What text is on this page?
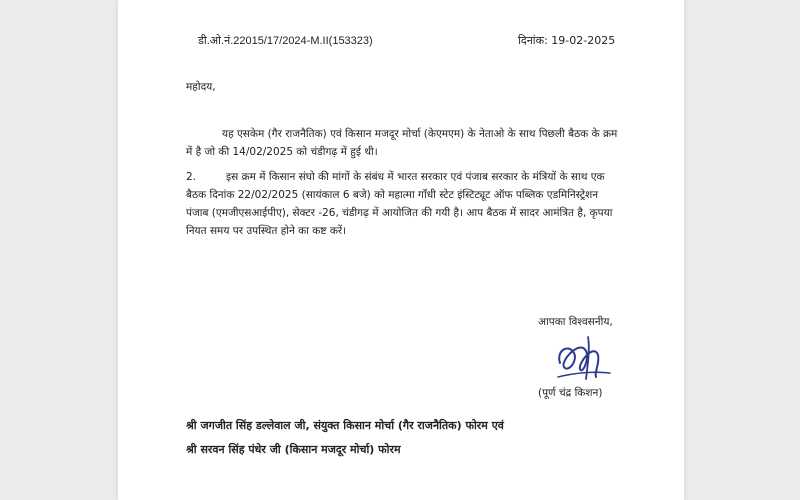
डी.ओ.नं.22015/17/2024-M.II(153323)	दिनांक: 19-02-2025
महोदय,
यह एसकेम (गैर राजनैतिक) एवं किसान मजदूर मोर्चा (केएमएम) के नेताओ के साथ पिछली बैठक के क्रम में है जो की 14/02/2025 को चंडीगढ़ में हुई थी।
2.	इस क्रम में किसान संघो की मांगों के संबंध में भारत सरकार एवं पंजाब सरकार के मंत्रियों के साथ एक बैठक दिनांक 22/02/2025 (सायंकाल 6 बजे) को महात्मा गाँधी स्टेट इंस्टिट्यूट ऑफ पब्लिक एडमिनिस्ट्रेशन पंजाब (एमजीएसआईपीए), सेक्टर -26, चंडीगढ़ में आयोजित की गयी है। आप बैठक में सादर आमंत्रित है, कृपया नियत समय पर उपस्थित होने का कष्ट करें।
आपका विश्वसनीय,
(पूर्ण चंद्र किशन)
श्री जगजीत सिंह डल्लेवाल जी, संयुक्त किसान मोर्चा (गैर राजनैतिक) फोरम एवं
श्री सरवन सिंह पंधेर जी (किसान मजदूर मोर्चा) फोरम
